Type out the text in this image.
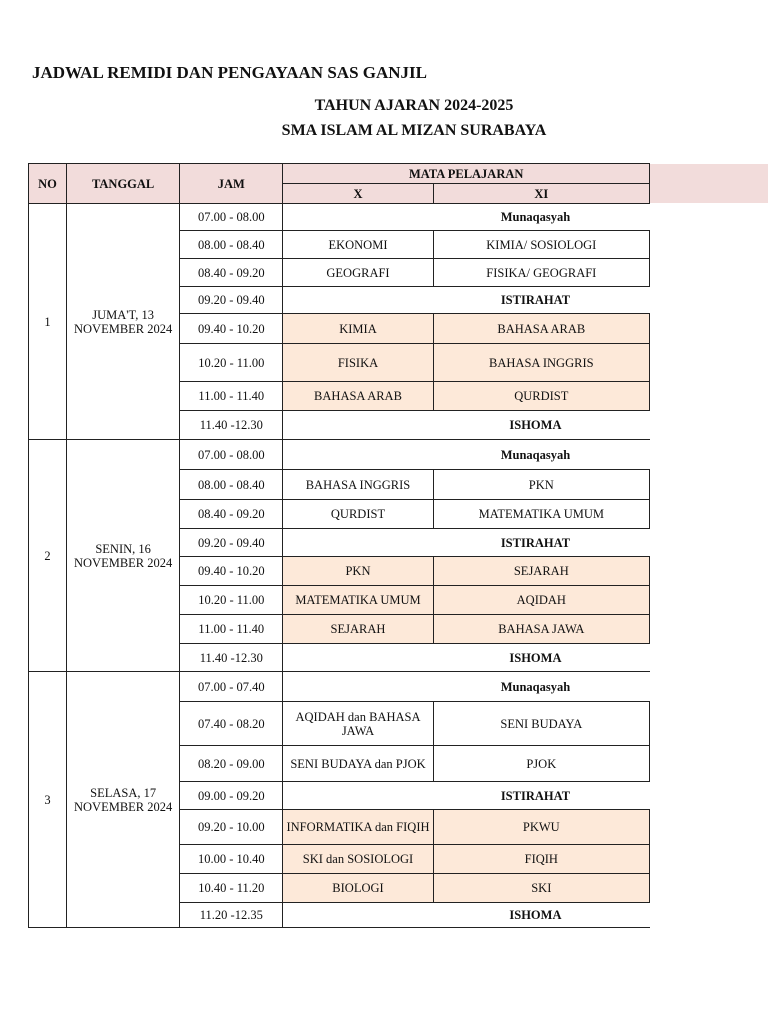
JADWAL REMIDI DAN PENGAYAAN SAS GANJIL
TAHUN AJARAN 2024-2025
SMA ISLAM AL MIZAN SURABAYA
NO	TANGGAL	JAM	MATA PELAJARAN	
			X	XI
1	JUMA'T, 13 NOVEMBER 2024	07.00 - 08.00	Munaqasyah	
		08.00 - 08.40	EKONOMI	KIMIA/ SOSIOLOGI
		08.40 - 09.20	GEOGRAFI	FISIKA/ GEOGRAFI
		09.20 - 09.40	ISTIRAHAT	
		09.40 - 10.20	KIMIA	BAHASA ARAB
		10.20 - 11.00	FISIKA	BAHASA INGGRIS
		11.00 - 11.40	BAHASA ARAB	QURDIST
		11.40 -12.30	ISHOMA	
2	SENIN, 16 NOVEMBER 2024	07.00 - 08.00	Munaqasyah	
		08.00 - 08.40	BAHASA INGGRIS	PKN
		08.40 - 09.20	QURDIST	MATEMATIKA UMUM
		09.20 - 09.40	ISTIRAHAT	
		09.40 - 10.20	PKN	SEJARAH
		10.20 - 11.00	MATEMATIKA UMUM	AQIDAH
		11.00 - 11.40	SEJARAH	BAHASA JAWA
		11.40 -12.30	ISHOMA	
3	SELASA, 17 NOVEMBER 2024	07.00 - 07.40	Munaqasyah	
		07.40 - 08.20	AQIDAH dan BAHASA JAWA	SENI BUDAYA
		08.20 - 09.00	SENI BUDAYA dan PJOK	PJOK
		09.00 - 09.20	ISTIRAHAT	
		09.20 - 10.00	INFORMATIKA dan FIQIH	PKWU
		10.00 - 10.40	SKI dan SOSIOLOGI	FIQIH
		10.40 - 11.20	BIOLOGI	SKI
		11.20 -12.35	ISHOMA	
